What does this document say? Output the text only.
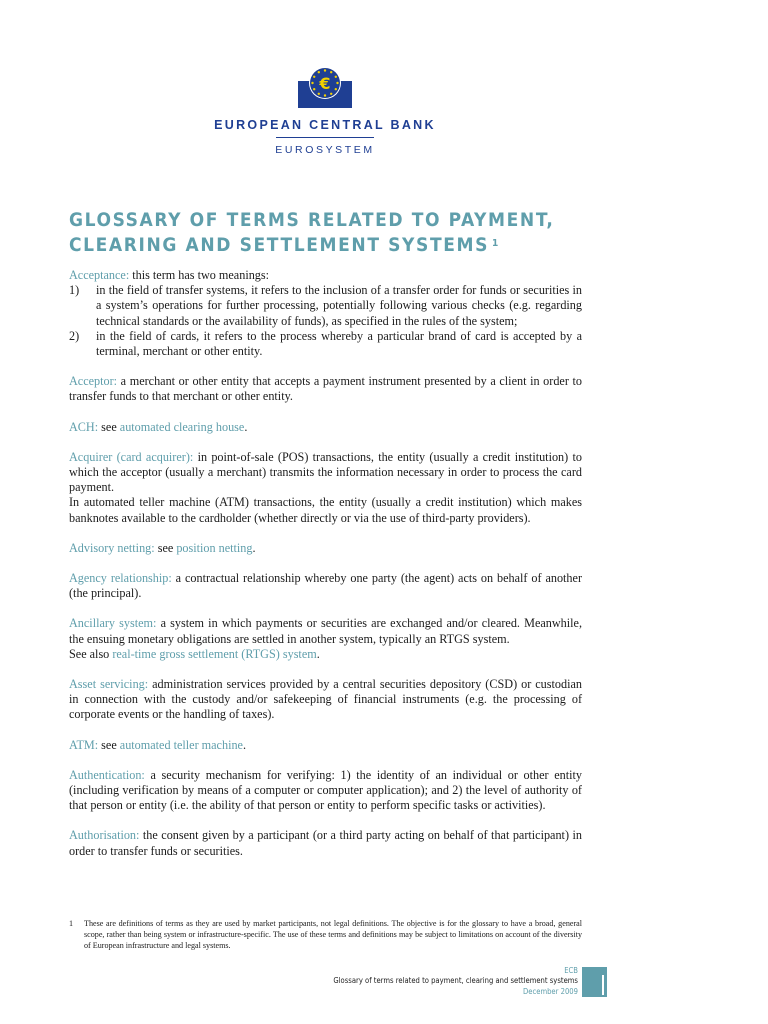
€
EUROPEAN CENTRAL BANK
EUROSYSTEM
GLOSSARY OF TERMS RELATED TO PAYMENT,
CLEARING AND SETTLEMENT SYSTEMS $^1$

Acceptance: this term has two meanings:

1)	in the field of transfer systems, it refers to the inclusion of a transfer order for funds or securities in a system’s operations for further processing, potentially following various checks (e.g. regarding technical standards or the availability of funds), as specified in the rules of the system;
2)	in the field of cards, it refers to the process whereby a particular brand of card is accepted by a terminal, merchant or other entity.

Acceptor: a merchant or other entity that accepts a payment instrument presented by a client in order to transfer funds to that merchant or other entity.

ACH: see automated clearing house.

Acquirer (card acquirer): in point-of-sale (POS) transactions, the entity (usually a credit institution) to which the acceptor (usually a merchant) transmits the information necessary in order to process the card payment.

In automated teller machine (ATM) transactions, the entity (usually a credit institution) which makes banknotes available to the cardholder (whether directly or via the use of third-party providers).

Advisory netting: see position netting.

Agency relationship: a contractual relationship whereby one party (the agent) acts on behalf of another (the principal).

Ancillary system: a system in which payments or securities are exchanged and/or cleared. Meanwhile, the ensuing monetary obligations are settled in another system, typically an RTGS system.

See also real-time gross settlement (RTGS) system.

Asset servicing: administration services provided by a central securities depository (CSD) or custodian in connection with the custody and/or safekeeping of financial instruments (e.g. the processing of corporate events or the handling of taxes).

ATM: see automated teller machine.

Authentication: a security mechanism for verifying: 1) the identity of an individual or other entity (including verification by means of a computer or computer application); and 2) the level of authority of that person or entity (i.e. the ability of that person or entity to perform specific tasks or activities).

Authorisation: the consent given by a participant (or a third party acting on behalf of that participant) in order to transfer funds or securities.

1	These are definitions of terms as they are used by market participants, not legal definitions. The objective is for the glossary to have a broad, general scope, rather than being system or infrastructure-specific. The use of these terms and definitions may be subject to limitations on account of the diversity of European infrastructure and legal systems.
ECB
Glossary of terms related to payment, clearing and settlement systems
December 2009
